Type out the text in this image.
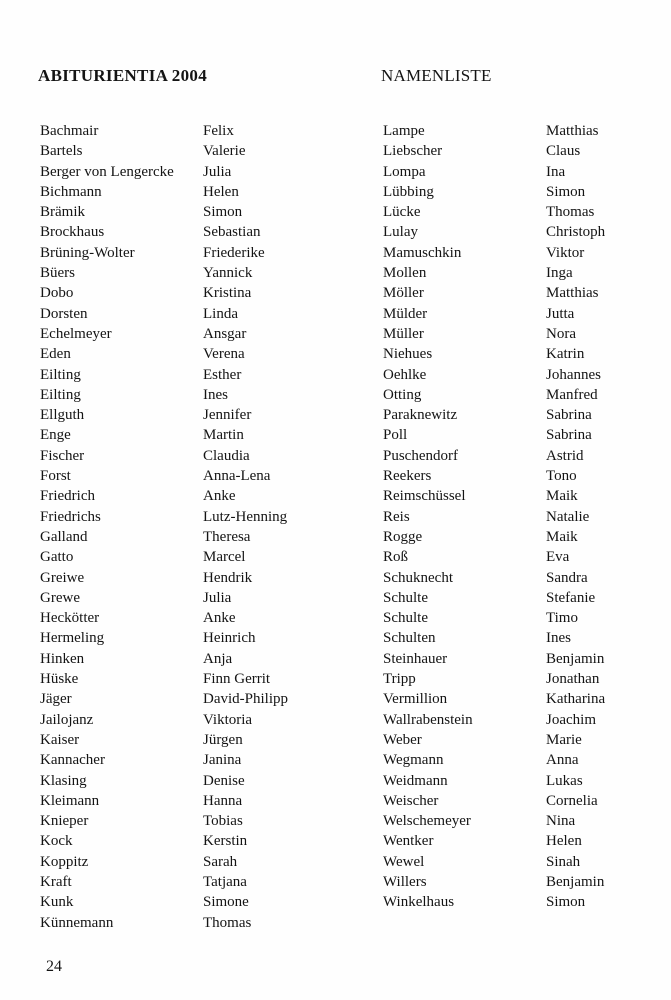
ABITURIENTIA 2004	NAMENLISTE
Bachmair
Bartels
Berger von Lengercke
Bichmann
Brämik
Brockhaus
Brüning-Wolter
Büers
Dobo
Dorsten
Echelmeyer
Eden
Eilting
Eilting
Ellguth
Enge
Fischer
Forst
Friedrich
Friedrichs
Galland
Gatto
Greiwe
Grewe
Heckötter
Hermeling
Hinken
Hüske
Jäger
Jailojanz
Kaiser
Kannacher
Klasing
Kleimann
Knieper
Kock
Koppitz
Kraft
Kunk
Künnemann
Felix
Valerie
Julia
Helen
Simon
Sebastian
Friederike
Yannick
Kristina
Linda
Ansgar
Verena
Esther
Ines
Jennifer
Martin
Claudia
Anna-Lena
Anke
Lutz-Henning
Theresa
Marcel
Hendrik
Julia
Anke
Heinrich
Anja
Finn Gerrit
David-Philipp
Viktoria
Jürgen
Janina
Denise
Hanna
Tobias
Kerstin
Sarah
Tatjana
Simone
Thomas
Lampe
Liebscher
Lompa
Lübbing
Lücke
Lulay
Mamuschkin
Mollen
Möller
Mülder
Müller
Niehues
Oehlke
Otting
Paraknewitz
Poll
Puschendorf
Reekers
Reimschüssel
Reis
Rogge
Roß
Schuknecht
Schulte
Schulte
Schulten
Steinhauer
Tripp
Vermillion
Wallrabenstein
Weber
Wegmann
Weidmann
Weischer
Welschemeyer
Wentker
Wewel
Willers
Winkelhaus
Matthias
Claus
Ina
Simon
Thomas
Christoph
Viktor
Inga
Matthias
Jutta
Nora
Katrin
Johannes
Manfred
Sabrina
Sabrina
Astrid
Tono
Maik
Natalie
Maik
Eva
Sandra
Stefanie
Timo
Ines
Benjamin
Jonathan
Katharina
Joachim
Marie
Anna
Lukas
Cornelia
Nina
Helen
Sinah
Benjamin
Simon
24
